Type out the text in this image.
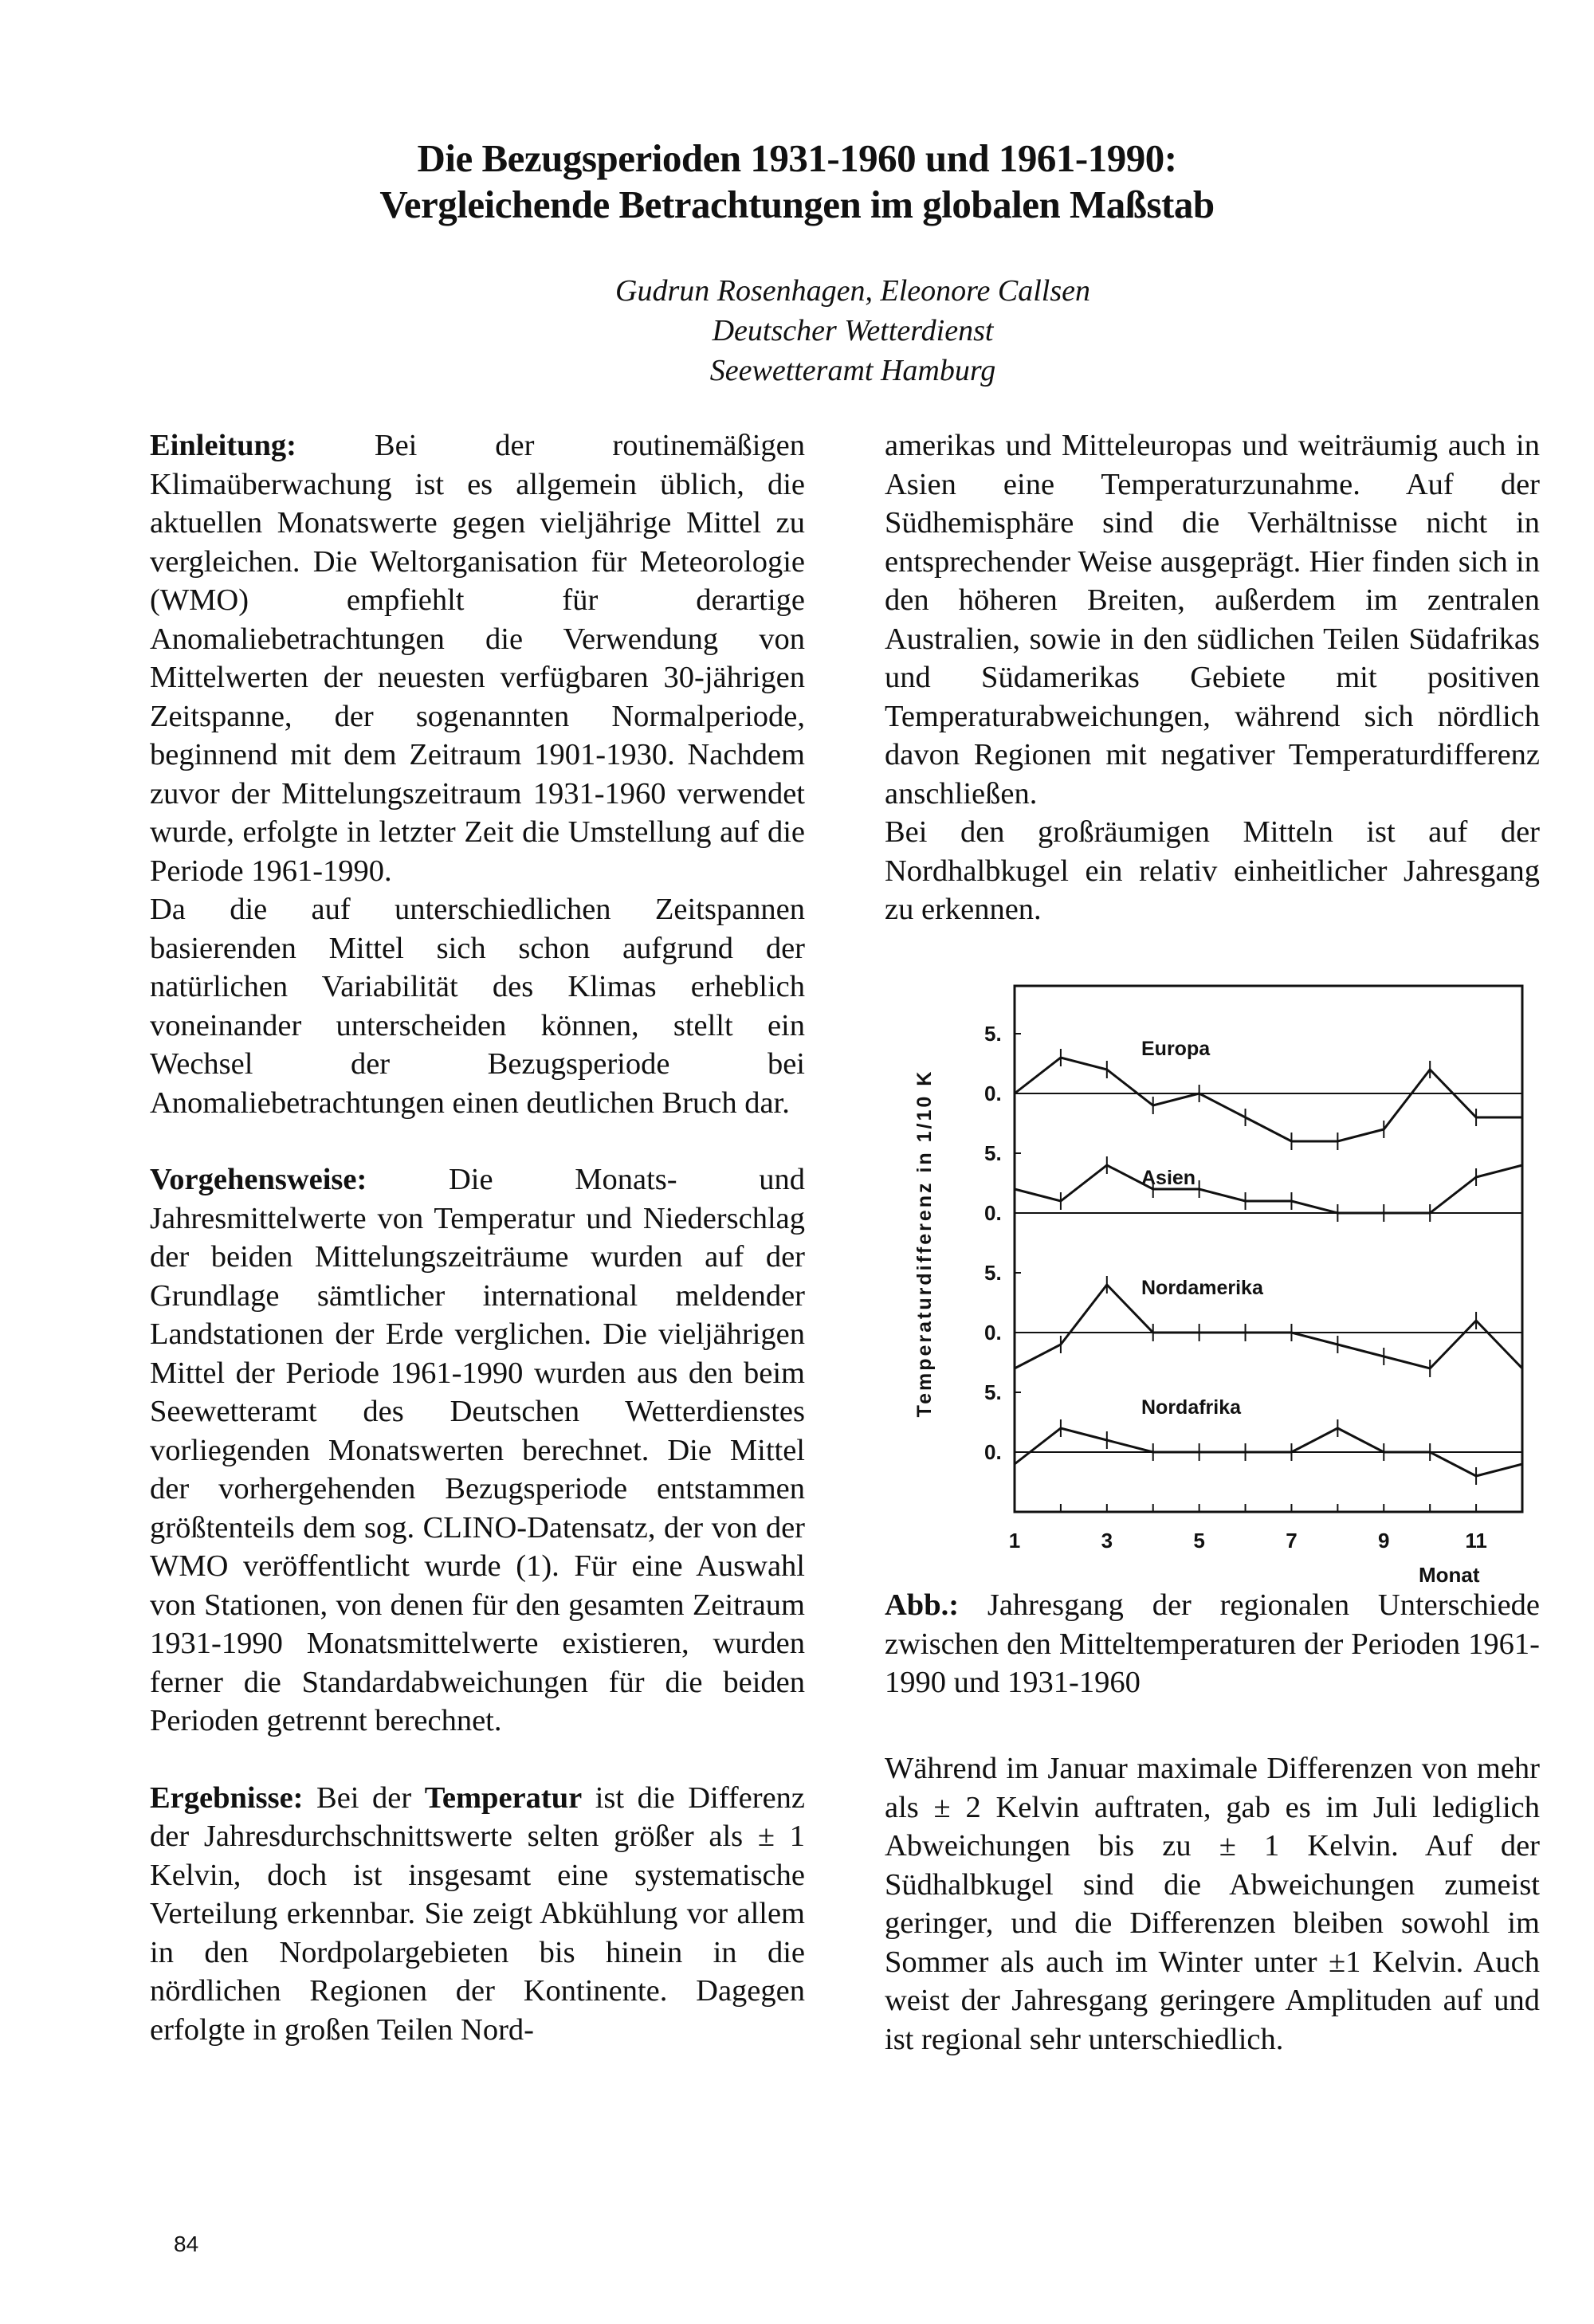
Die Bezugsperioden 1931-1960 und 1961-1990:
Vergleichende Betrachtungen im globalen Maßstab
Gudrun Rosenhagen, Eleonore Callsen
Deutscher Wetterdienst
Seewetteramt Hamburg

Einleitung: Bei der routinemäßigen Klimaüberwachung ist es allgemein üblich, die aktuellen Monatswerte gegen vieljährige Mittel zu vergleichen. Die Weltorganisation für Meteorologie (WMO) empfiehlt für derartige Anomaliebetrachtungen die Verwendung von Mittelwerten der neuesten verfügbaren 30-jährigen Zeitspanne, der sogenannten Normalperiode, beginnend mit dem Zeitraum 1901-1930. Nachdem zuvor der Mittelungszeitraum 1931-1960 verwendet wurde, erfolgte in letzter Zeit die Umstellung auf die Periode 1961-1990.

Da die auf unterschiedlichen Zeitspannen basierenden Mittel sich schon aufgrund der natürlichen Variabilität des Klimas erheblich voneinander unterscheiden können, stellt ein Wechsel der Bezugsperiode bei Anomaliebetrachtungen einen deutlichen Bruch dar.

Vorgehensweise: Die Monats- und Jahresmittelwerte von Temperatur und Niederschlag der beiden Mittelungszeiträume wurden auf der Grundlage sämtlicher international meldender Landstationen der Erde verglichen. Die vieljährigen Mittel der Periode 1961-1990 wurden aus den beim Seewetteramt des Deutschen Wetterdienstes vorliegenden Monatswerten berechnet. Die Mittel der vorhergehenden Bezugsperiode entstammen größtenteils dem sog. CLINO-Datensatz, der von der WMO veröffentlicht wurde (1). Für eine Auswahl von Stationen, von denen für den gesamten Zeitraum 1931-1990 Monatsmittelwerte existieren, wurden ferner die Standardabweichungen für die beiden Perioden getrennt berechnet.

Ergebnisse: Bei der Temperatur ist die Differenz der Jahresdurchschnittswerte selten größer als ± 1 Kelvin, doch ist insgesamt eine systematische Verteilung erkennbar. Sie zeigt Abkühlung vor allem in den Nordpolargebieten bis hinein in die nördlichen Regionen der Kontinente. Dagegen erfolgte in großen Teilen Nord-

amerikas und Mitteleuropas und weiträumig auch in Asien eine Temperaturzunahme. Auf der Südhemisphäre sind die Verhältnisse nicht in entsprechender Weise ausgeprägt. Hier finden sich in den höheren Breiten, außerdem im zentralen Australien, sowie in den südlichen Teilen Südafrikas und Südamerikas Gebiete mit positiven Temperaturabweichungen, während sich nördlich davon Regionen mit negativer Temperaturdifferenz anschließen.

Bei den großräumigen Mitteln ist auf der Nordhalbkugel ein relativ einheitlicher Jahresgang zu erkennen.

Temperaturdifferenz in 1/10 K
Monat
1	3	5	7	9	11
5.
0.
Europa
5.
0.
Asien
5.
0.
Nordamerika
5.
0.
Nordafrika
Abb.: Jahresgang der regionalen Unterschiede zwischen den Mitteltemperaturen der Perioden 1961-1990 und 1931-1960
Während im Januar maximale Differenzen von mehr als ± 2 Kelvin auftraten, gab es im Juli lediglich Abweichungen bis zu ± 1 Kelvin. Auf der Südhalbkugel sind die Abweichungen zumeist geringer, und die Differenzen bleiben sowohl im Sommer als auch im Winter unter ±1 Kelvin. Auch weist der Jahresgang geringere Amplituden auf und ist regional sehr unterschiedlich.
84
